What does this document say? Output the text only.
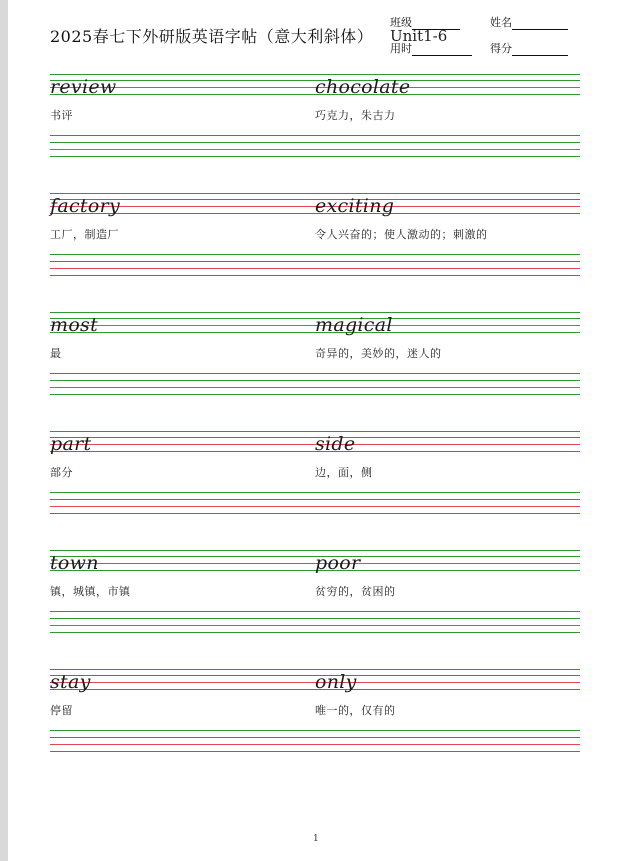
2025春七下外研版英语字帖（意大利斜体）
班级	姓名
Unit1-6
用时	得分
review	chocolate
书评	巧克力，朱古力
factory	exciting
工厂，制造厂	令人兴奋的；使人激动的；刺激的
most	magical
最	奇异的，美妙的，迷人的
part	side
部分	边，面，侧
town	poor
镇，城镇，市镇	贫穷的，贫困的
stay	only
停留	唯一的，仅有的
1
